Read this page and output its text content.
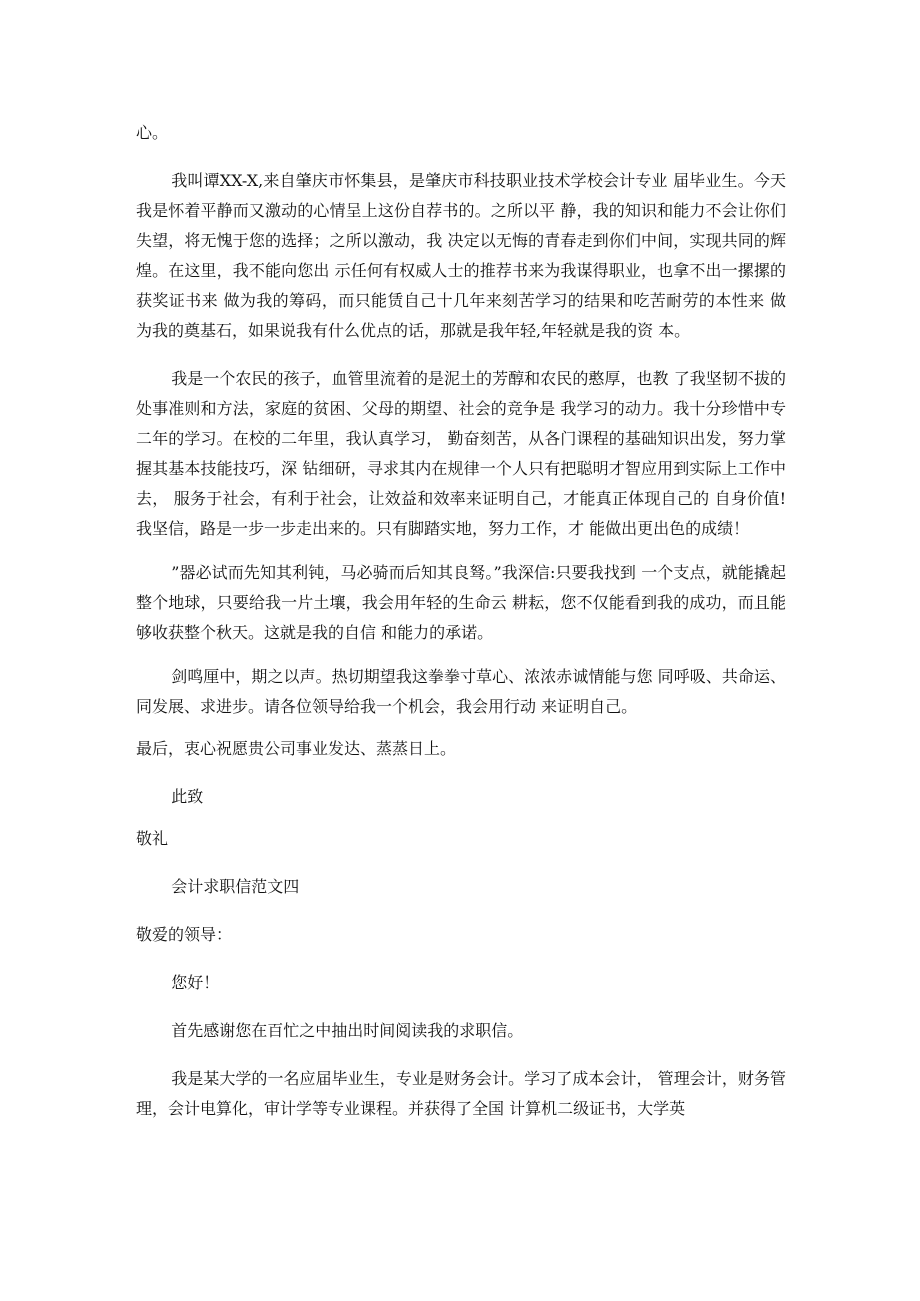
心。

我叫谭XX-X,来自肇庆市怀集县，是肇庆市科技职业技术学校会计专业 届毕业生。今天我是怀着平静而又激动的心情呈上这份自荐书的。之所以平 静，我的知识和能力不会让你们失望，将无愧于您的选择；之所以激动，我 决定以无悔的青春走到你们中间，实现共同的辉煌。在这里，我不能向您出 示任何有权威人士的推荐书来为我谋得职业，也拿不出一摞摞的获奖证书来 做为我的筹码，而只能赁自己十几年来刻苦学习的结果和吃苦耐劳的本性来 做为我的奠基石，如果说我有什么优点的话，那就是我年轻,年轻就是我的资 本。

我是一个农民的孩子，血管里流着的是泥土的芳醇和农民的憨厚，也教 了我坚韧不拔的处事准则和方法，家庭的贫困、父母的期望、社会的竞争是 我学习的动力。我十分珍惜中专二年的学习。在校的二年里，我认真学习， 勤奋刻苦，从各门课程的基础知识出发，努力掌握其基本技能技巧，深 钻细研，寻求其内在规律一个人只有把聪明才智应用到实际上工作中去， 服务于社会，有利于社会，让效益和效率来证明自己，才能真正体现自己的 自身价值!我坚信，路是一步一步走出来的。只有脚踏实地，努力工作，才 能做出更出色的成绩！

”器必试而先知其利钝，马必骑而后知其良驽。”我深信:只要我找到 一个支点，就能撬起整个地球，只要给我一片土壤，我会用年轻的生命云 耕耘，您不仅能看到我的成功，而且能够收获整个秋天。这就是我的自信 和能力的承诺。

剑鸣厘中，期之以声。热切期望我这拳拳寸草心、浓浓赤诚情能与您 同呼吸、共命运、同发展、求进步。请各位领导给我一个机会，我会用行动 来证明自己。

最后，衷心祝愿贵公司事业发达、蒸蒸日上。

此致

敬礼

会计求职信范文四

敬爱的领导：

您好！

首先感谢您在百忙之中抽出时间阅读我的求职信。

我是某大学的一名应届毕业生，专业是财务会计。学习了成本会计， 管理会计，财务管理，会计电算化，审计学等专业课程。并获得了全国 计算机二级证书，大学英
